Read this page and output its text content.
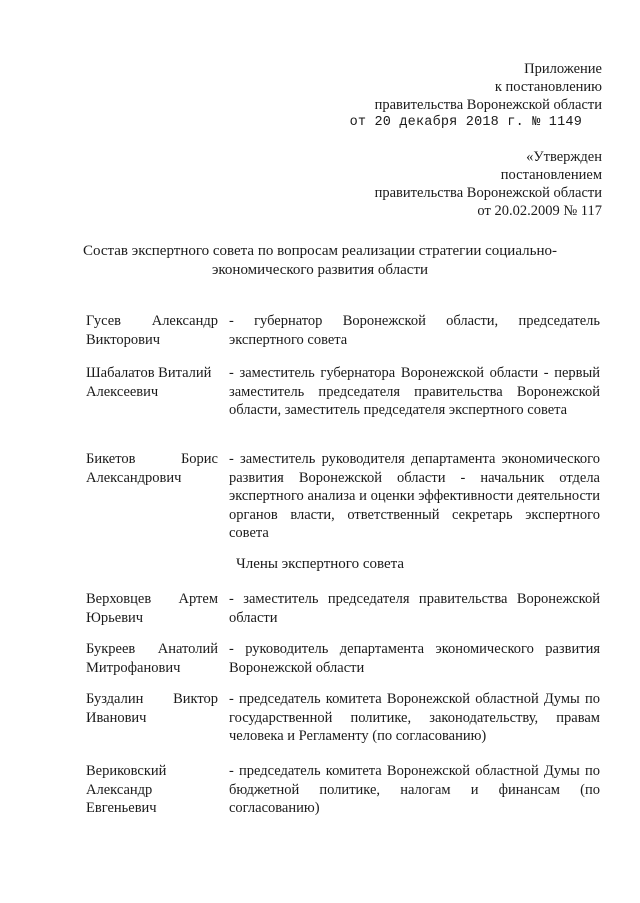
Приложение
к постановлению
правительства Воронежской области
от 20 декабря 2018 г. № 1149
«Утвержден
постановлением
правительства Воронежской области
от 20.02.2009 № 117
Состав экспертного совета по вопросам реализации стратегии социально-
экономического развития области
Гусев Александр
Викторович
- губернатор Воронежской области, председатель экспертного совета
Шабалатов Виталий
Алексеевич
- заместитель губернатора Воронежской области - первый заместитель председателя правительства Воронежской области, заместитель председателя экспертного совета
Бикетов Борис
Александрович
- заместитель руководителя департамента экономического развития Воронежской области - начальник отдела экспертного анализа и оценки эффективности деятельности органов власти, ответственный секретарь экспертного совета
Члены экспертного совета
Верховцев Артем
Юрьевич
- заместитель председателя правительства Воронежской области
Букреев Анатолий
Митрофанович
- руководитель департамента экономического развития Воронежской области
Буздалин Виктор
Иванович
- председатель комитета Воронежской областной Думы по государственной политике, законодательству, правам человека и Регламенту (по согласованию)
Вериковский
Александр
Евгеньевич
- председатель комитета Воронежской областной Думы по бюджетной политике, налогам и финансам (по согласованию)
